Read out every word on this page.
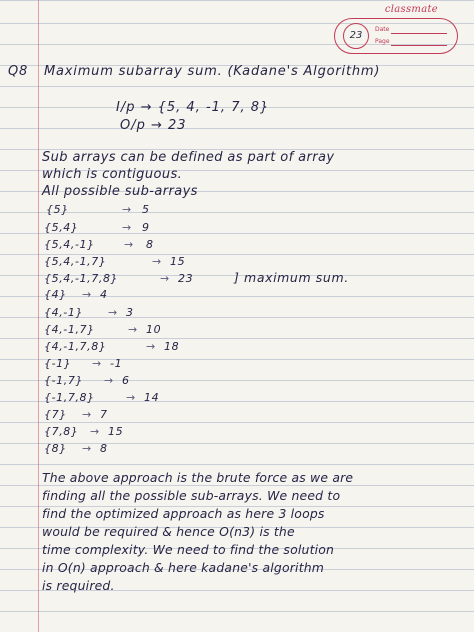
classmate
23
Date
Page
Q8 Maximum subarray sum. (Kadane's Algorithm)
I/p → {5, 4, -1, 7, 8}
O/p → 23
Sub arrays can be defined as part of array
which is contiguous.
All possible sub-arrays
{5}	→ 5
{5,4}	→ 9
{5,4,-1}	→ 8
{5,4,-1,7}	→ 15
{5,4,-1,7,8}	→ 23	] maximum sum.
{4} → 4
{4,-1} → 3
{4,-1,7}	→ 10
{4,-1,7,8}	→ 18
{-1} → -1
{-1,7} → 6
{-1,7,8}	→ 14
{7} → 7
{7,8} → 15
{8} → 8
The above approach is the brute force as we are
finding all the possible sub-arrays. We need to
find the optimized approach as here 3 loops
would be required & hence O(n3) is the
time complexity. We need to find the solution
in O(n) approach & here kadane's algorithm
is required.
